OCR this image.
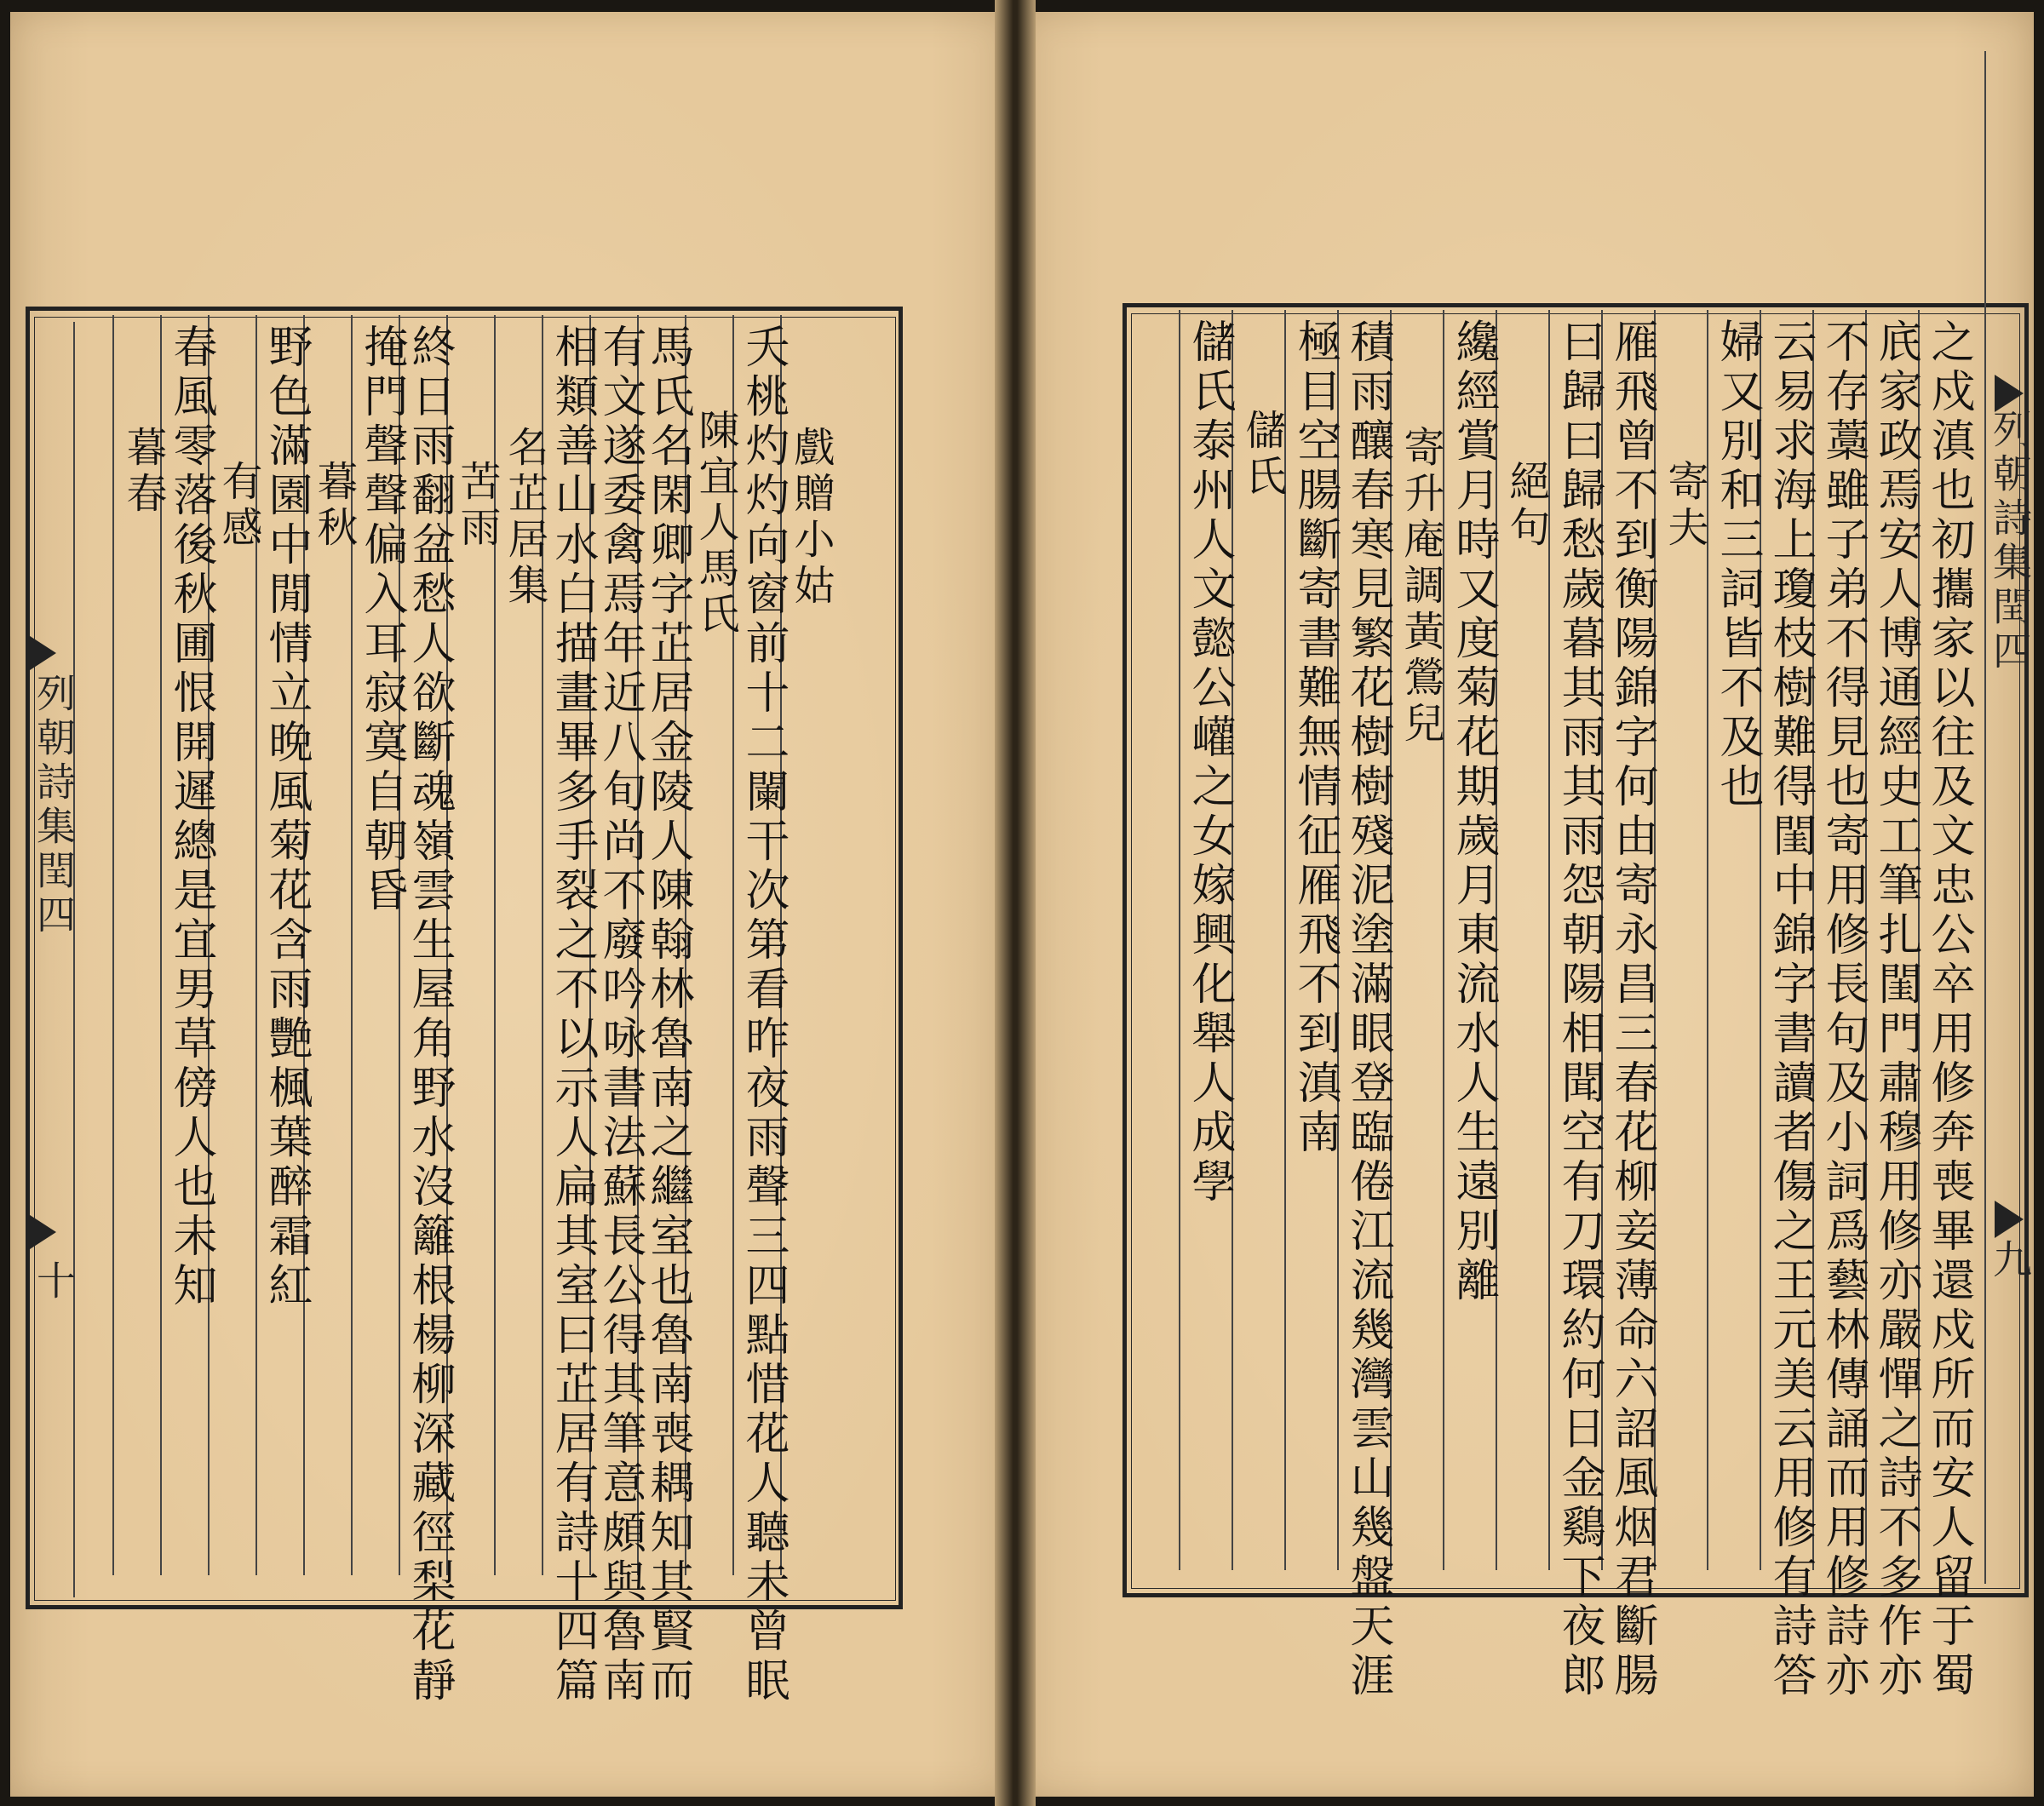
列朝詩集閏四
十
戲贈小姑
夭桃灼灼向窗前十二闌干次第看昨夜雨聲三四點惜花人聽未曾眠
陳宜人馬氏
馬氏名閑卿字芷居金陵人陳翰林魯南之繼室也魯南喪耦知其賢而
有文遂委禽焉年近八旬尚不廢吟咏書法蘇長公得其筆意頗與魯南
相類善山水白描畫畢多手裂之不以示人扁其室曰芷居有詩十四篇
名芷居集
苦雨
終日雨翻盆愁人欲斷魂嶺雲生屋角野水沒籬根楊柳深藏徑梨花靜
掩門聲聲偏入耳寂寞自朝昏
暮秋
野色滿園中閒情立晚風菊花含雨艷楓葉醉霜紅
有感
春風零落後秋圃恨開遲總是宜男草傍人也未知
暮春	列朝詩集閏四
九
之戍滇也初攜家以往及文忠公卒用修奔喪畢還戍所而安人留于蜀
㡳家政焉安人博通經史工筆扎閨門肅穆用修亦嚴憚之詩不多作亦
不存藁雖子弟不得見也寄用修長句及小詞爲藝林傳誦而用修詩亦
云易求海上瓊枝樹難得閨中錦字書讀者傷之王元美云用修有詩答
婦又別和三詞皆不及也
寄夫
雁飛曾不到衡陽錦字何由寄永昌三春花柳妾薄命六詔風烟君斷腸
曰歸曰歸愁歲暮其雨其雨怨朝陽相聞空有刀環約何日金鷄下夜郎
絕句
纔經賞月時又度菊花期歲月東流水人生遠別離
寄升庵調黃鶯兒
積雨釀春寒見繁花樹樹殘泥塗滿眼登臨倦江流幾灣雲山幾盤天涯
極目空腸斷寄書難無情征雁飛不到滇南
儲氏
儲氏泰州人文懿公巏之女嫁興化舉人成學
